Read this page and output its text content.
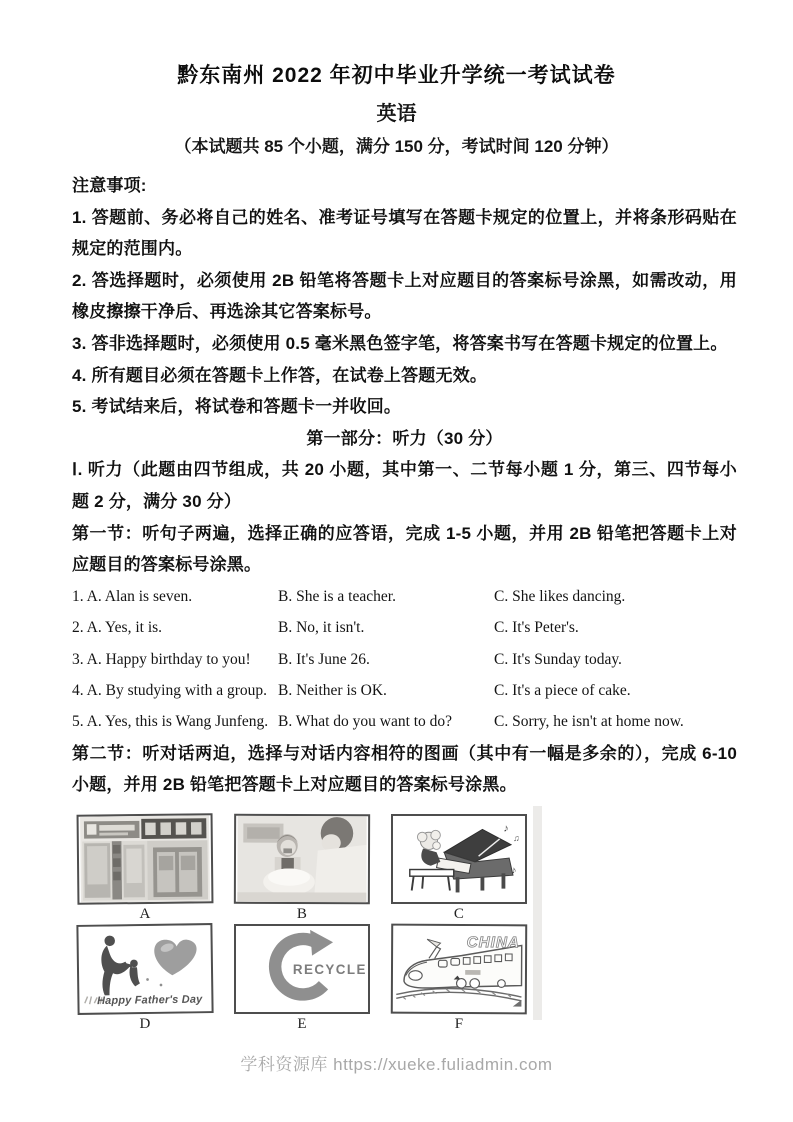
黔东南州 2022 年初中毕业升学统一考试试卷
英语
（本试题共 85 个小题，满分 150 分，考试时间 120 分钟）

注意事项:

1. 答题前、务必将自己的姓名、准考证号填写在答题卡规定的位置上，并将条形码贴在规定的范围内。

2. 答选择题时，必须使用 2B 铅笔将答题卡上对应题目的答案标号涂黑，如需改动，用橡皮擦擦干净后、再选涂其它答案标号。

3. 答非选择题时，必须使用 0.5 毫米黑色签字笔，将答案书写在答题卡规定的位置上。

4. 所有题目必须在答题卡上作答，在试卷上答题无效。

5. 考试结来后，将试卷和答题卡一并收回。

第一部分：听力（30 分）

Ⅰ. 听力（此题由四节组成，共 20 小题，其中第一、二节每小题 1 分，第三、四节每小题 2 分，满分 30 分）

第一节：听句子两遍，选择正确的应答语，完成 1-5 小题，并用 2B 铅笔把答题卡上对应题目的答案标号涂黑。

1. A. Alan is seven.	B. She is a teacher.	C. She likes dancing.
2. A. Yes, it is.	B. No, it isn't.	C. It's Peter's.
3. A. Happy birthday to you!	B. It's June 26.	C. It's Sunday today.
4. A. By studying with a group. B. Neither is OK.	C. It's a piece of cake.
5. A. Yes, this is Wang Junfeng. B. What do you want to do?	C. Sorry, he isn't at home now.

第二节：听对话两迫，选择与对话内容相符的图画（其中有一幅是多余的），完成 6-10 小题，并用 2B 铅笔把答题卡上对应题目的答案标号涂黑。

A	B
♪
♫
♪
C
Happy Father's Day
D
RECYCLE
E
CHINA
F
学科资源库 https://xueke.fuliadmin.com
